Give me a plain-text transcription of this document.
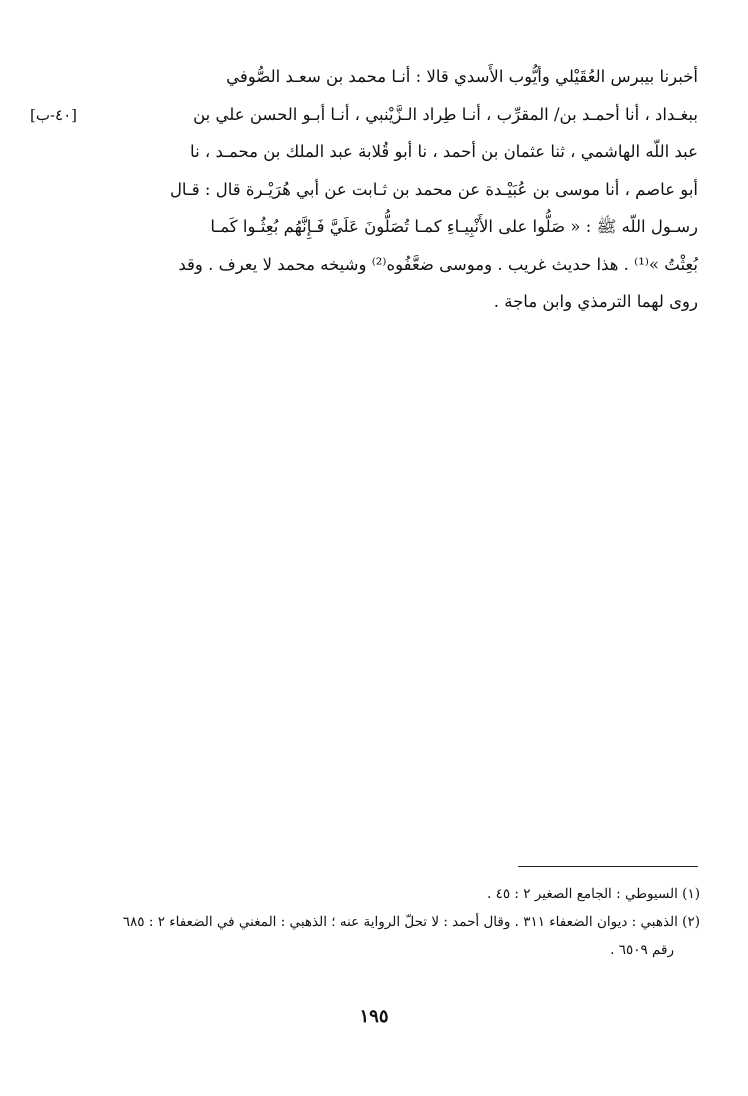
أخبرنا بيبرس العُقَيْلي وأيُّوب الأَسدي قالا : أنـا محمد بن سعـد الصُّوفي
ببغـداد ، أنا أحمـد بن/ المقرِّب ، أنـا طِراد الـزَّيْنبي ، أنـا أبـو الحسن علي بن
عبد اللّه الهاشمي ، ثنا عثمان بن أحمد ، نا أبو قُلابة عبد الملك بن محمـد ، نا
أبو عاصم ، أنا موسى بن عُبَيْـدة عن محمد بن ثـابت عن أبي هُرَيْـرة قال : قـال
رسـول اللّه ﷺ : « صَلُّوا على الأَنْبِيـاءِ كمـا تُصَلُّونَ عَلَيَّ فَـإِنَّهُم بُعِثُـوا كَمـا
بُعِثْتُ »⁽¹⁾ . هذا حديث غريب . وموسى ضعَّفُوه⁽²⁾ وشيخه محمد لا يعرف . وقد
روى لهما الترمذي وابن ماجة .
[٤٠-ب]
(١) السيوطي : الجامع الصغير ٢ : ٤٥ .
(٢) الذهبي : ديوان الضعفاء ٣١١ . وقال أحمد : لا تحلّ الرواية عنه ؛ الذهبي : المغني في الضعفاء ٢ : ٦٨٥
رقم ٦٥٠٩ .
١٩٥
